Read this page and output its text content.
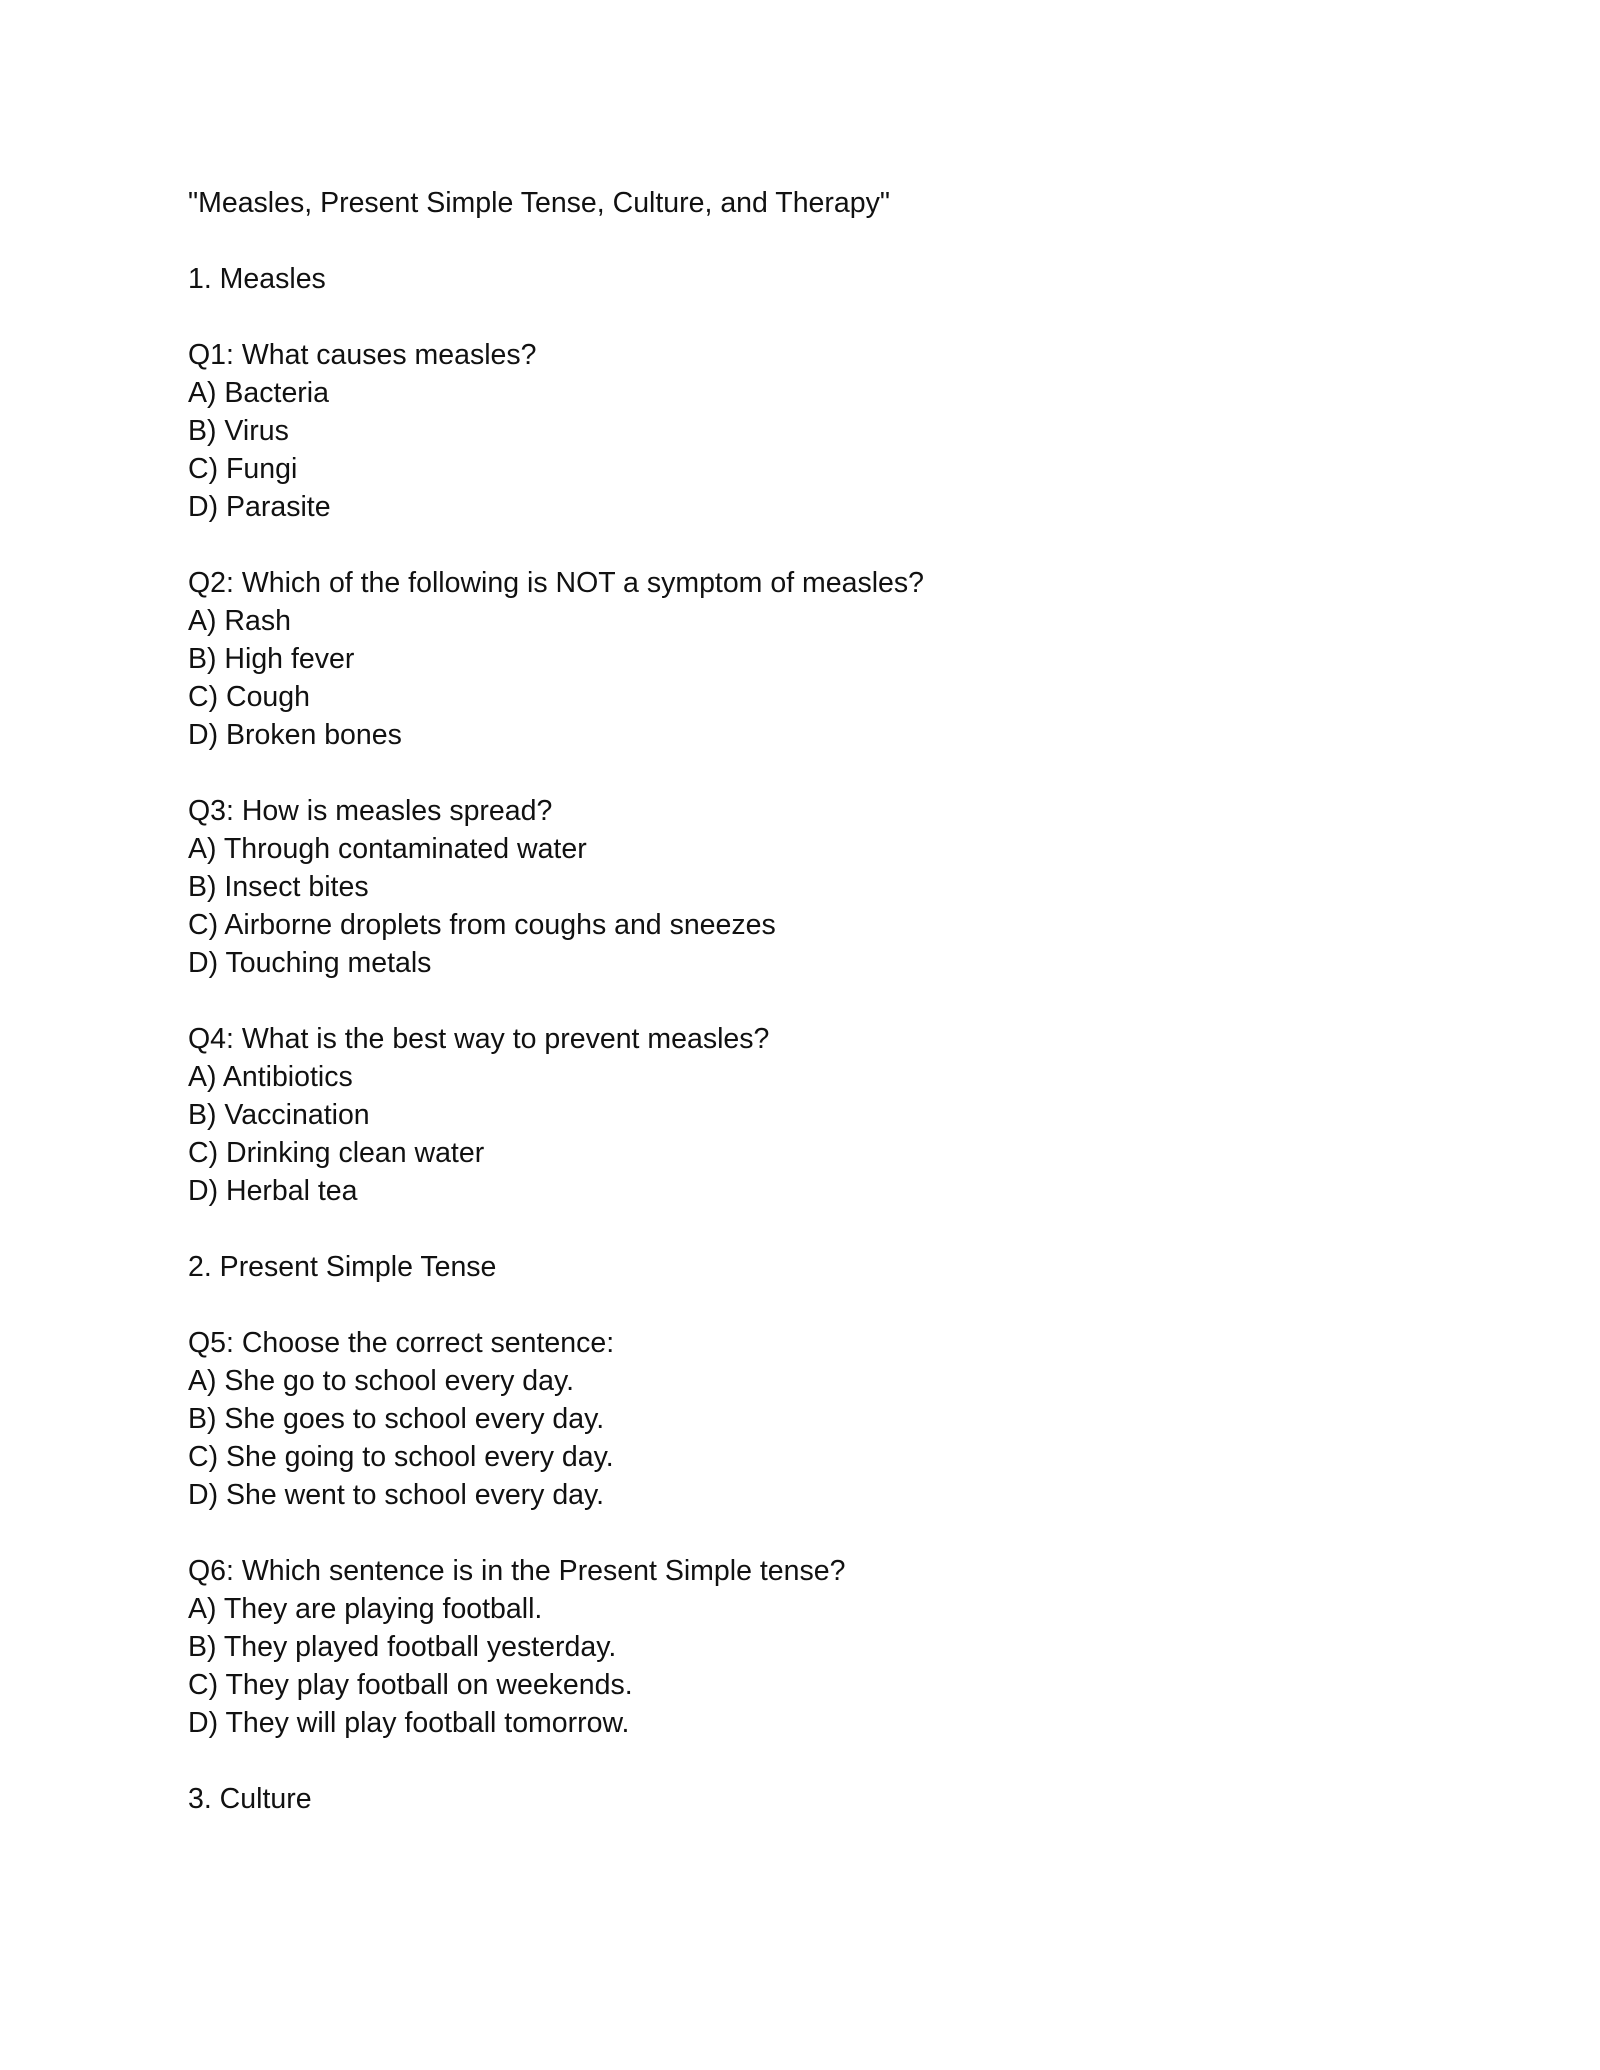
"Measles, Present Simple Tense, Culture, and Therapy"
1. Measles
Q1: What causes measles?
A) Bacteria
B) Virus
C) Fungi
D) Parasite
Q2: Which of the following is NOT a symptom of measles?
A) Rash
B) High fever
C) Cough
D) Broken bones
Q3: How is measles spread?
A) Through contaminated water
B) Insect bites
C) Airborne droplets from coughs and sneezes
D) Touching metals
Q4: What is the best way to prevent measles?
A) Antibiotics
B) Vaccination
C) Drinking clean water
D) Herbal tea
2. Present Simple Tense
Q5: Choose the correct sentence:
A) She go to school every day.
B) She goes to school every day.
C) She going to school every day.
D) She went to school every day.
Q6: Which sentence is in the Present Simple tense?
A) They are playing football.
B) They played football yesterday.
C) They play football on weekends.
D) They will play football tomorrow.
3. Culture
